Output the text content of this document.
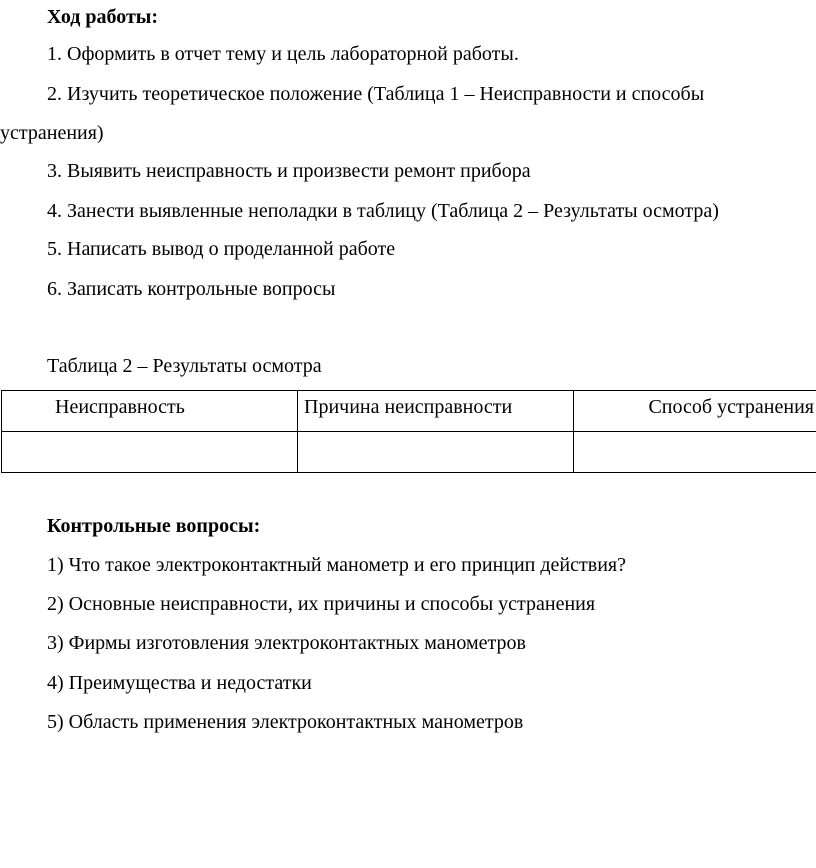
Ход работы:

1. Оформить в отчет тему и цель лабораторной работы.

2. Изучить теоретическое положение (Таблица 1 – Неисправности и способы

устранения)

3. Выявить неисправность и произвести ремонт прибора

4. Занести выявленные неполадки в таблицу (Таблица 2 – Результаты осмотра)

5. Написать вывод о проделанной работе

6. Записать контрольные вопросы

Таблица 2 – Результаты осмотра

Неисправность	Причина неисправности	Способ устранения

Контрольные вопросы:

1) Что такое электроконтактный манометр и его принцип действия?

2) Основные неисправности, их причины и способы устранения

3) Фирмы изготовления электроконтактных манометров

4) Преимущества и недостатки

5) Область применения электроконтактных манометров
